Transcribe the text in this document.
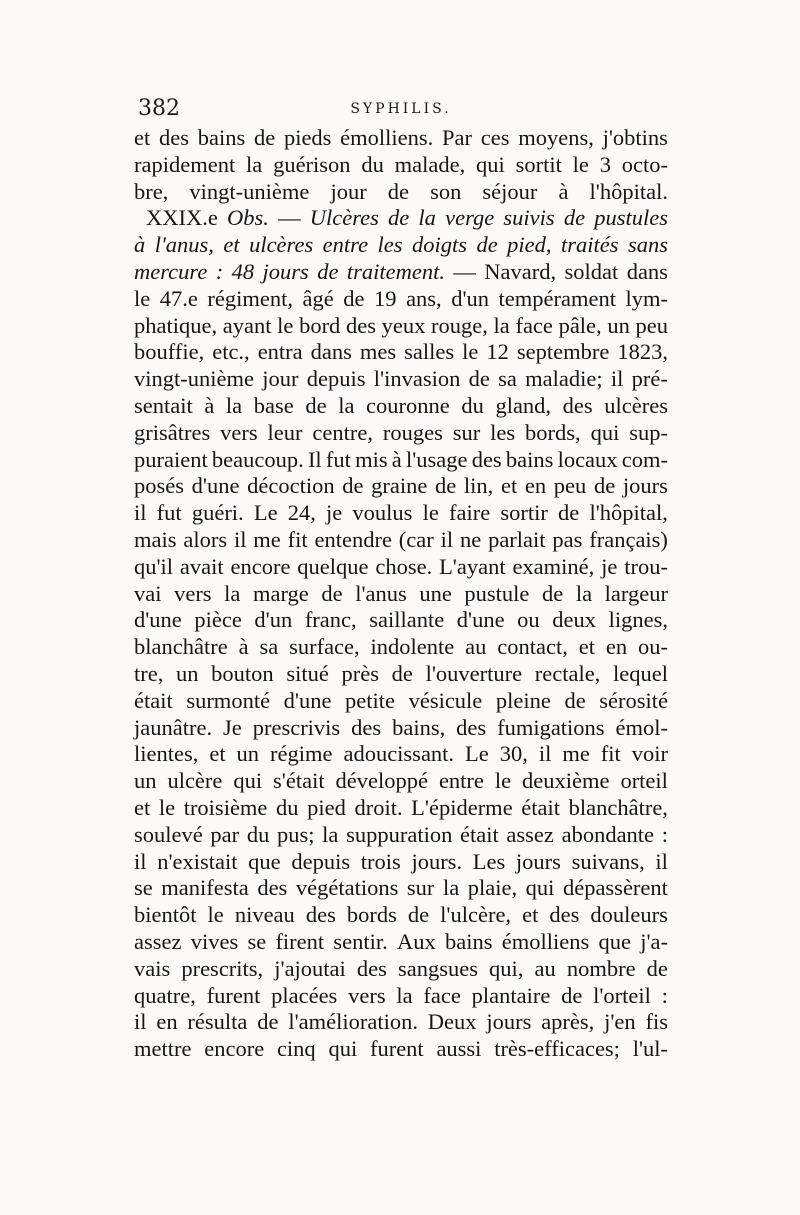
382	SYPHILIS.
et des bains de pieds émolliens. Par ces moyens, j'obtins
rapidement la guérison du malade, qui sortit le 3 octo-
bre, vingt-unième jour de son séjour à l'hôpital.
XXIX.e Obs. — Ulcères de la verge suivis de pustules
à l'anus, et ulcères entre les doigts de pied, traités sans
mercure : 48 jours de traitement. — Navard, soldat dans
le 47.e régiment, âgé de 19 ans, d'un tempérament lym-
phatique, ayant le bord des yeux rouge, la face pâle, un peu
bouffie, etc., entra dans mes salles le 12 septembre 1823,
vingt-unième jour depuis l'invasion de sa maladie; il pré-
sentait à la base de la couronne du gland, des ulcères
grisâtres vers leur centre, rouges sur les bords, qui sup-
puraient beaucoup. Il fut mis à l'usage des bains locaux com-
posés d'une décoction de graine de lin, et en peu de jours
il fut guéri. Le 24, je voulus le faire sortir de l'hôpital,
mais alors il me fit entendre (car il ne parlait pas français)
qu'il avait encore quelque chose. L'ayant examiné, je trou-
vai vers la marge de l'anus une pustule de la largeur
d'une pièce d'un franc, saillante d'une ou deux lignes,
blanchâtre à sa surface, indolente au contact, et en ou-
tre, un bouton situé près de l'ouverture rectale, lequel
était surmonté d'une petite vésicule pleine de sérosité
jaunâtre. Je prescrivis des bains, des fumigations émol-
lientes, et un régime adoucissant. Le 30, il me fit voir
un ulcère qui s'était développé entre le deuxième orteil
et le troisième du pied droit. L'épiderme était blanchâtre,
soulevé par du pus; la suppuration était assez abondante :
il n'existait que depuis trois jours. Les jours suivans, il
se manifesta des végétations sur la plaie, qui dépassèrent
bientôt le niveau des bords de l'ulcère, et des douleurs
assez vives se firent sentir. Aux bains émolliens que j'a-
vais prescrits, j'ajoutai des sangsues qui, au nombre de
quatre, furent placées vers la face plantaire de l'orteil :
il en résulta de l'amélioration. Deux jours après, j'en fis
mettre encore cinq qui furent aussi très-efficaces; l'ul-
